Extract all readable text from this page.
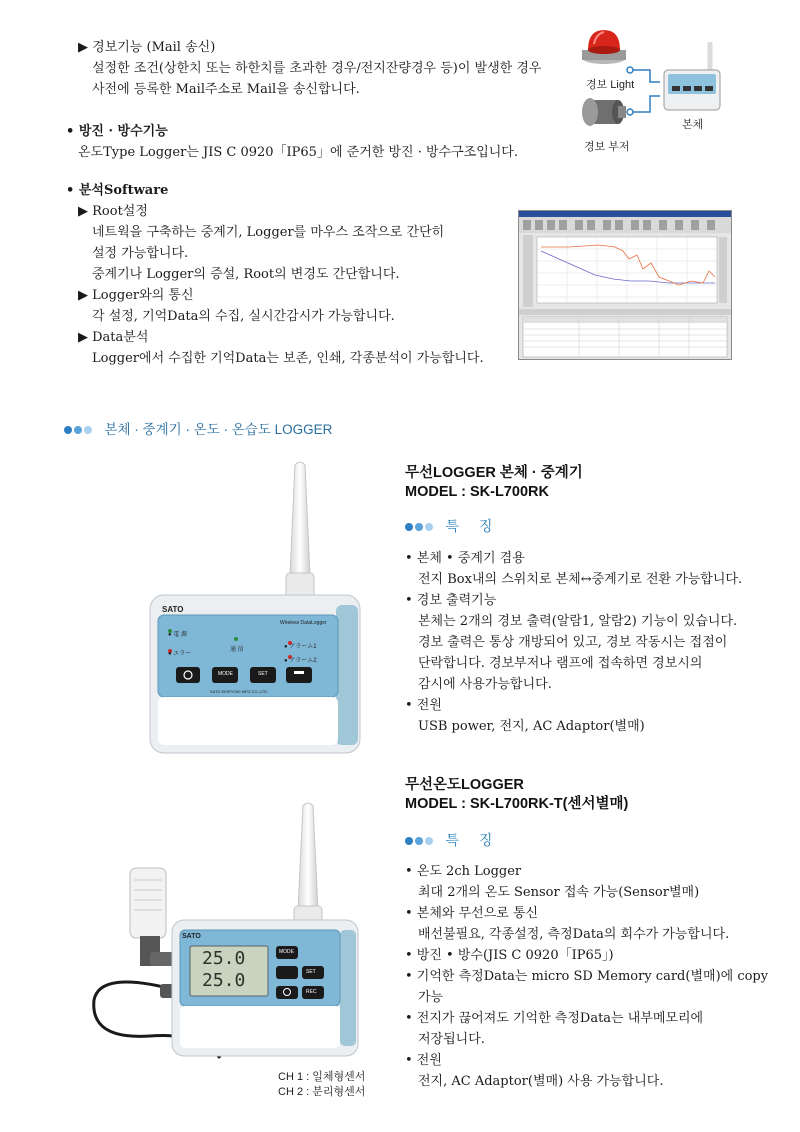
▶ 경보기능 (Mail 송신)
설정한 조건(상한치 또는 하한치를 초과한 경우/전지잔량경우 등)이 발생한 경우
사전에 등록한 Mail주소로 Mail을 송신합니다.
• 방진 · 방수기능
온도Type Logger는 JIS C 0920「IP65」에 준거한 방진 · 방수구조입니다.
• 분석Software
▶ Root설정
네트웍을 구축하는 중계기, Logger를 마우스 조작으로 간단히
설정 가능합니다.
중계기나 Logger의 증설, Root의 변경도 간단합니다.
▶ Logger와의 통신
각 설정, 기억Data의 수집, 실시간감시가 가능합니다.
▶ Data분석
Logger에서 수집한 기억Data는 보존, 인쇄, 각종분석이 가능합니다.
경보 Light
경보 부저
본체
본체 · 중계기 · 온도 · 온습도 LOGGER
SATO
Wireless DataLogger
● 電 源
● エラー
通 信	● アラーム1
● アラーム2
MODE	SET
SATO KEIRYOKI MFG.CO.,LTD.
무선LOGGER 본체 · 중계기
MODEL : SK-L700RK
특 징
• 본체 • 중계기 겸용
전지 Box내의 스위치로 본체↔중계기로 전환 가능합니다.
• 경보 출력기능
본체는 2개의 경보 출력(알람1, 알람2) 기능이 있습니다.
경보 출력은 통상 개방되어 있고, 경보 작동시는 접점이
단락합니다. 경보부저나 램프에 접속하면 경보시의
감시에 사용가능합니다.
• 전원
USB power, 전지, AC Adaptor(별매)
SATO
25.0
25.0
MODE
SET
REC
CH 1 : 일체형센서
CH 2 : 분리형센서
무선온도LOGGER
MODEL : SK-L700RK-T(센서별매)
특 징
• 온도 2ch Logger
최대 2개의 온도 Sensor 접속 가능(Sensor별매)
• 본체와 무선으로 통신
배선불필요, 각종설정, 측정Data의 회수가 가능합니다.
• 방진 • 방수(JIS C 0920「IP65」)
• 기억한 측정Data는 micro SD Memory card(별매)에 copy
가능
• 전지가 끊어져도 기억한 측정Data는 내부메모리에
저장됩니다.
• 전원
전지, AC Adaptor(별매) 사용 가능합니다.
